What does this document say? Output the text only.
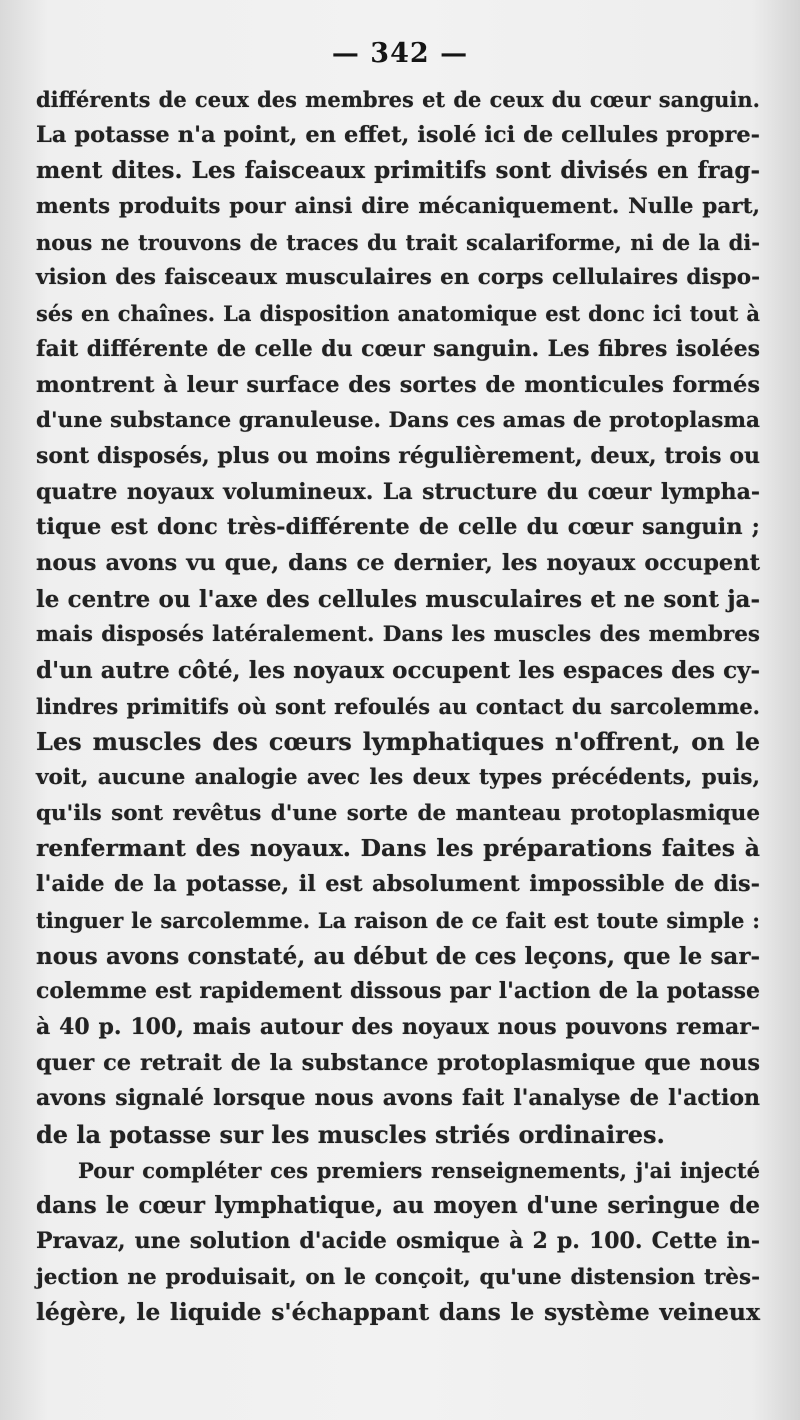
— 342 —
différents de ceux des membres et de ceux du cœur sanguin.
La potasse n'a point, en effet, isolé ici de cellules propre-
ment dites. Les faisceaux primitifs sont divisés en frag-
ments produits pour ainsi dire mécaniquement. Nulle part,
nous ne trouvons de traces du trait scalariforme, ni de la di-
vision des faisceaux musculaires en corps cellulaires dispo-
sés en chaînes. La disposition anatomique est donc ici tout à
fait différente de celle du cœur sanguin. Les fibres isolées
montrent à leur surface des sortes de monticules formés
d'une substance granuleuse. Dans ces amas de protoplasma
sont disposés, plus ou moins régulièrement, deux, trois ou
quatre noyaux volumineux. La structure du cœur lympha-
tique est donc très-différente de celle du cœur sanguin ;
nous avons vu que, dans ce dernier, les noyaux occupent
le centre ou l'axe des cellules musculaires et ne sont ja-
mais disposés latéralement. Dans les muscles des membres
d'un autre côté, les noyaux occupent les espaces des cy-
lindres primitifs où sont refoulés au contact du sarcolemme.
Les muscles des cœurs lymphatiques n'offrent, on le
voit, aucune analogie avec les deux types précédents, puis,
qu'ils sont revêtus d'une sorte de manteau protoplasmique
renfermant des noyaux. Dans les préparations faites à
l'aide de la potasse, il est absolument impossible de dis-
tinguer le sarcolemme. La raison de ce fait est toute simple :
nous avons constaté, au début de ces leçons, que le sar-
colemme est rapidement dissous par l'action de la potasse
à 40 p. 100, mais autour des noyaux nous pouvons remar-
quer ce retrait de la substance protoplasmique que nous
avons signalé lorsque nous avons fait l'analyse de l'action
de la potasse sur les muscles striés ordinaires.
Pour compléter ces premiers renseignements, j'ai injecté
dans le cœur lymphatique, au moyen d'une seringue de
Pravaz, une solution d'acide osmique à 2 p. 100. Cette in-
jection ne produisait, on le conçoit, qu'une distension très-
légère, le liquide s'échappant dans le système veineux
